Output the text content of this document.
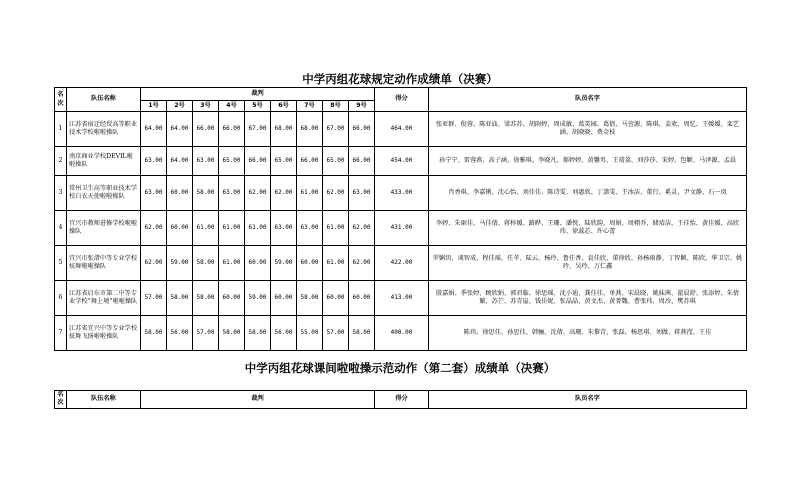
中学丙组花球规定动作成绩单（决赛）
名次	队伍名称	裁判									得分	队员名字
		1号	2号	3号	4号	5号	6号	7号	8号	9号		
1	江苏省宿迁经贸高等职业技术学校啦啦操队	64.00	64.00	66.00	66.00	67.00	68.00	68.00	67.00	66.00	464.00	张亚群、倪蓉、陈亚庙、梁苏苏、胡雨婷、周成敏、葛笑园、葛倩、马萱源、陈琪、姜欢、周忆、王媛媛、栾艺涵、胡晓晓、费金枝
2	南京商业学校DEVIL啦啦操队	63.00	64.00	63.00	65.00	66.00	65.00	66.00	65.00	66.00	454.00	孙宁宁、雷蓉燕、高子涵、徐雅琪、李晓凡、郝婷婷、黄馨男、王靖荔、刘莎莎、宋婷、包颖、马泽源、孟晨
3	常州卫生高等职业技术学校白衣天使啦啦操队	63.00	60.00	58.00	63.00	62.00	62.00	61.00	62.00	63.00	433.00	肖香琪、李嘉俐、沈心怡、刘佳佳、陈诗雯、刘惠欣、丁潇雯、王冰洁、董行、奚灵、尹文静、石一岚
4	宜兴市教师进修学校啦啦操队	62.00	60.00	61.00	61.00	61.00	63.00	63.00	61.00	62.00	431.00	李婷、朱琚佳、马佳倩、蒋梓媛、路晔、王珊、潘悦、陆欣韵、周娟、周栩乔、储靖洁、王佳怡、黄佳媛、高欣玮、徐蕊芯、许心蕾
5	宜兴市张渚中等专业学校 炫舞啦啦操队	62.00	59.00	58.00	61.00	60.00	59.00	60.00	61.00	62.00	422.00	罗婀玥、谈智成、程佳瑶、任苹、陆云、杨玲、鲁任香、袁佳欣、董徐欣、孙杨雨静、丁智颖、陈欣、华卫宗、姚玲、吴玲、万仁鑫
6	江苏省启东市第二中等专业学校“舞上境”啦啦操队	57.00	58.00	58.00	60.00	59.00	60.00	58.00	60.00	60.00	413.00	殷嘉娟、季张婷、顾欣娟、郭君临、徐思瑶、沈小迪、龚佳佳、单燕、宋晨晓、姚妹茜、翟晨舒、张添婷、朱倩繁、苏芒、苏青崖、钱佳妮、张晶晶、黄文杰、黄菁魏、曹张玮、周沙、樊苏琪
7	江苏省宜兴中等专业学校 炫舞飞扬啦啦操队	58.00	56.00	57.00	58.00	58.00	56.00	55.00	57.00	58.00	400.00	陈玮、徐思佳、孙思佳、韩骊、沈倩、高珊、朱黎青、张磊、杨思琪、刘做、蒋燕滢、王佳
中学丙组花球课间啦啦操示范动作（第二套）成绩单（决赛）
名次	队伍名称	裁判	得分	队员名字
